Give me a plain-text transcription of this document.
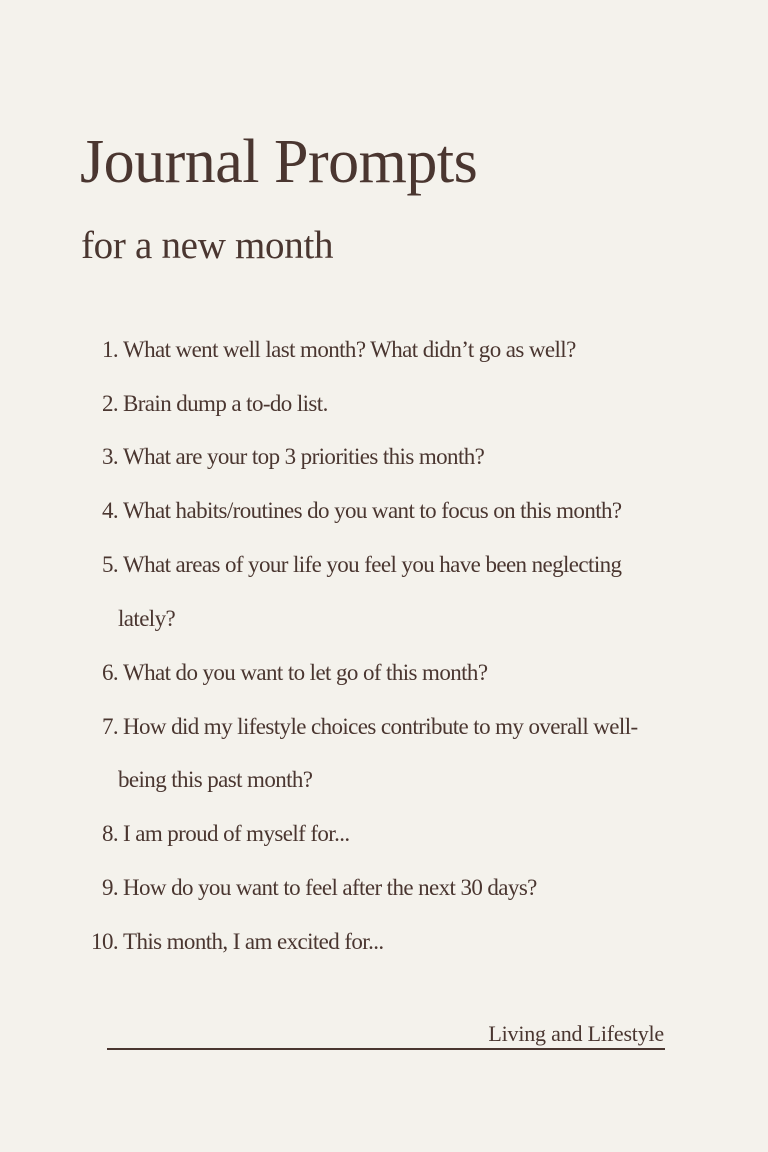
Journal Prompts
for a new month
1. What went well last month? What didn’t go as well?
2. Brain dump a to-do list.
3. What are your top 3 priorities this month?
4. What habits/routines do you want to focus on this month?
5. What areas of your life you feel you have been neglecting
lately?
6. What do you want to let go of this month?
7. How did my lifestyle choices contribute to my overall well-
being this past month?
8. I am proud of myself for...
9. How do you want to feel after the next 30 days?
10. This month, I am excited for...
Living and Lifestyle
